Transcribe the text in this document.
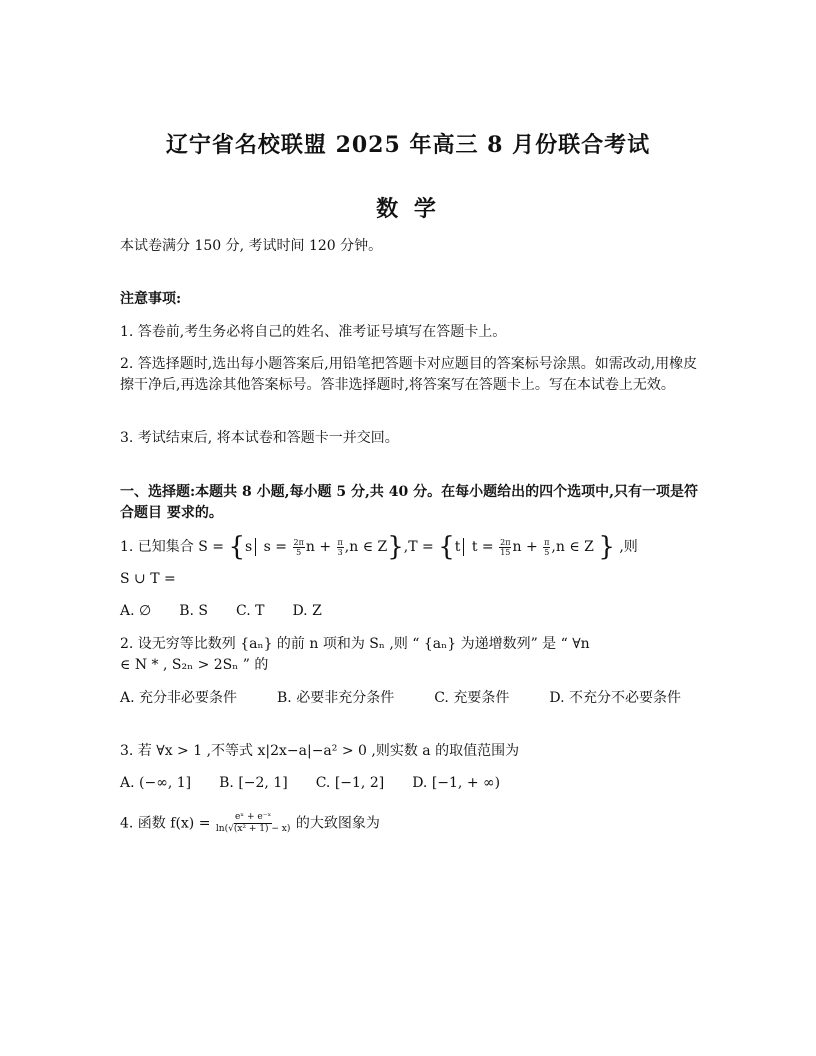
辽宁省名校联盟 2025 年高三 8 月份联合考试
数 学
本试卷满分 150 分, 考试时间 120 分钟。
注意事项:
1. 答卷前,考生务必将自己的姓名、准考证号填写在答题卡上。
2. 答选择题时,选出每小题答案后,用铅笔把答题卡对应题目的答案标号涂黑。如需改动,用橡皮擦干净后,再选涂其他答案标号。答非选择题时,将答案写在答题卡上。写在本试卷上无效。
3. 考试结束后, 将本试卷和答题卡一并交回。
一、选择题:本题共 8 小题,每小题 5 分,共 40 分。在每小题给出的四个选项中,只有一项是符合题目 要求的。
1. 已知集合 S = {s $s = \frac{2\pi}{5}$ $n + \frac{\pi}{3} ,n$ ∈ Z},T = {t $t = \frac{2\pi}{15}$ $n + \frac{\pi}{5} ,n$ ∈ Z } ,则
S ∪ T =
A. ∅ B. S C. T D. Z
2. 设无穷等比数列 {aₙ} 的前 n 项和为 Sₙ ,则 “ {aₙ} 为递增数列” 是 “ ∀n
∈ N * , S₂ₙ > 2Sₙ ” 的
A. 充分非必要条件	B. 必要非充分条件	C. 充要条件	D. 不充分不必要条件
3. 若 ∀x > 1 ,不等式 x|2x−a|−a² > 0 ,则实数 a 的取值范围为
A. (−∞, 1] B. [−2, 1] C. [−1, 2] D. [−1, + ∞)
4. 函数 $f(x) = \frac{\text{eˣ + e⁻ˣ}}{\text{ln(√(x² + 1) − x)}}$ 的大致图象为
